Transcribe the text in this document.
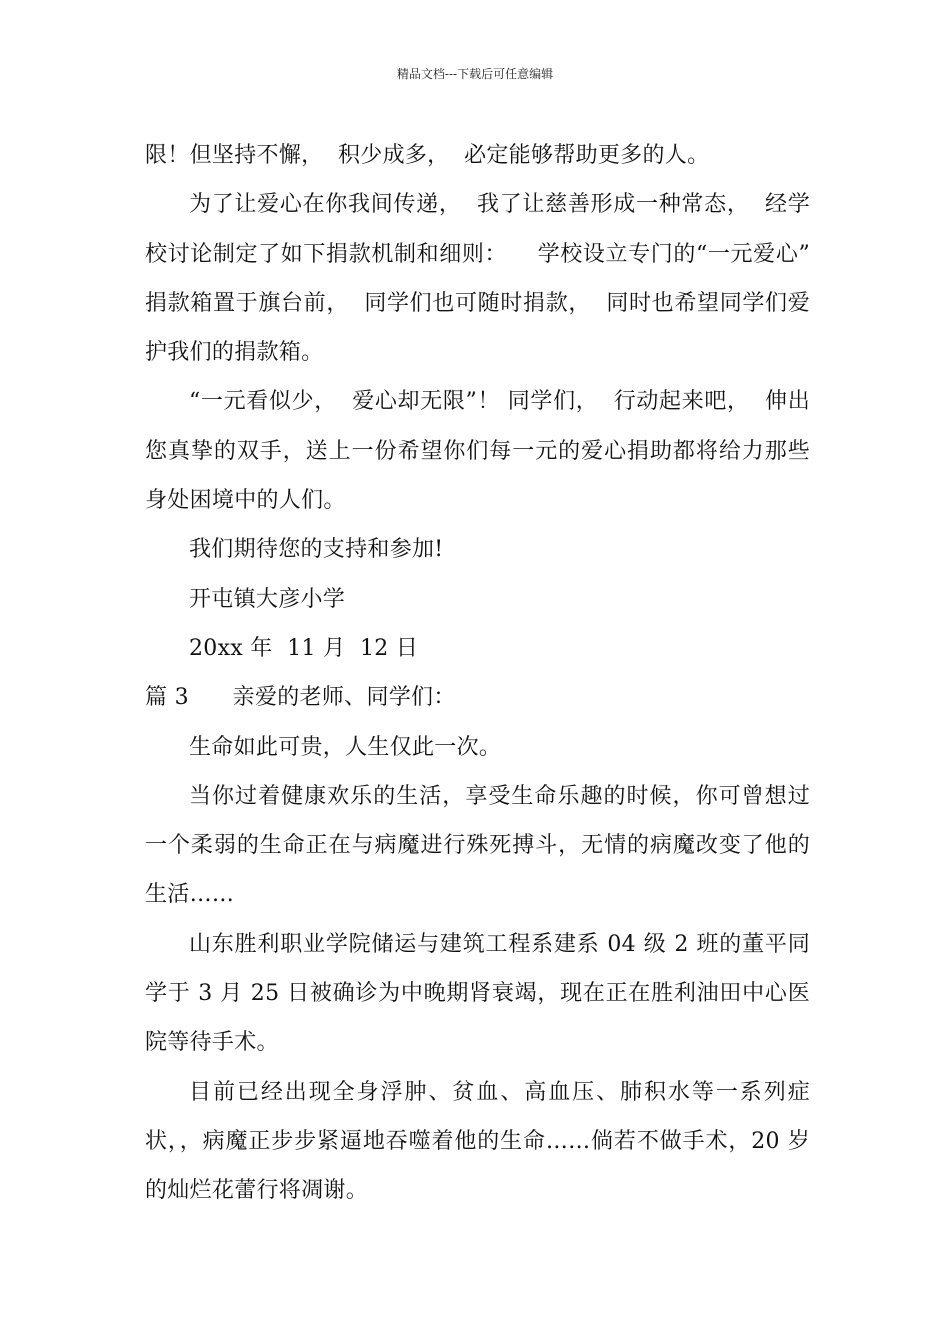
精品文档---下载后可任意编辑

限！但坚持不懈，  积少成多，  必定能够帮助更多的人。

为了让爱心在你我间传递，  我了让慈善形成一种常态，  经学校讨论制定了如下捐款机制和细则：    学校设立专门的“一元爱心”  捐款箱置于旗台前，  同学们也可随时捐款，  同时也希望同学们爱护我们的捐款箱。

“一元看似少，  爱心却无限”！ 同学们，  行动起来吧，  伸出您真挚的双手，送上一份希望你们每一元的爱心捐助都将给力那些身处困境中的人们。

我们期待您的支持和参加!

开屯镇大彦小学

20xx 年  11 月  12 日

篇 3      亲爱的老师、同学们：

生命如此可贵，人生仅此一次。

当你过着健康欢乐的生活，享受生命乐趣的时候，你可曾想过一个柔弱的生命正在与病魔进行殊死搏斗，无情的病魔改变了他的生活……

山东胜利职业学院储运与建筑工程系建系 04 级 2 班的董平同学于 3 月 25 日被确诊为中晚期肾衰竭，现在正在胜利油田中心医院等待手术。

目前已经出现全身浮肿、贫血、高血压、肺积水等一系列症状，，病魔正步步紧逼地吞噬着他的生命……倘若不做手术，20 岁的灿烂花蕾行将凋谢。
